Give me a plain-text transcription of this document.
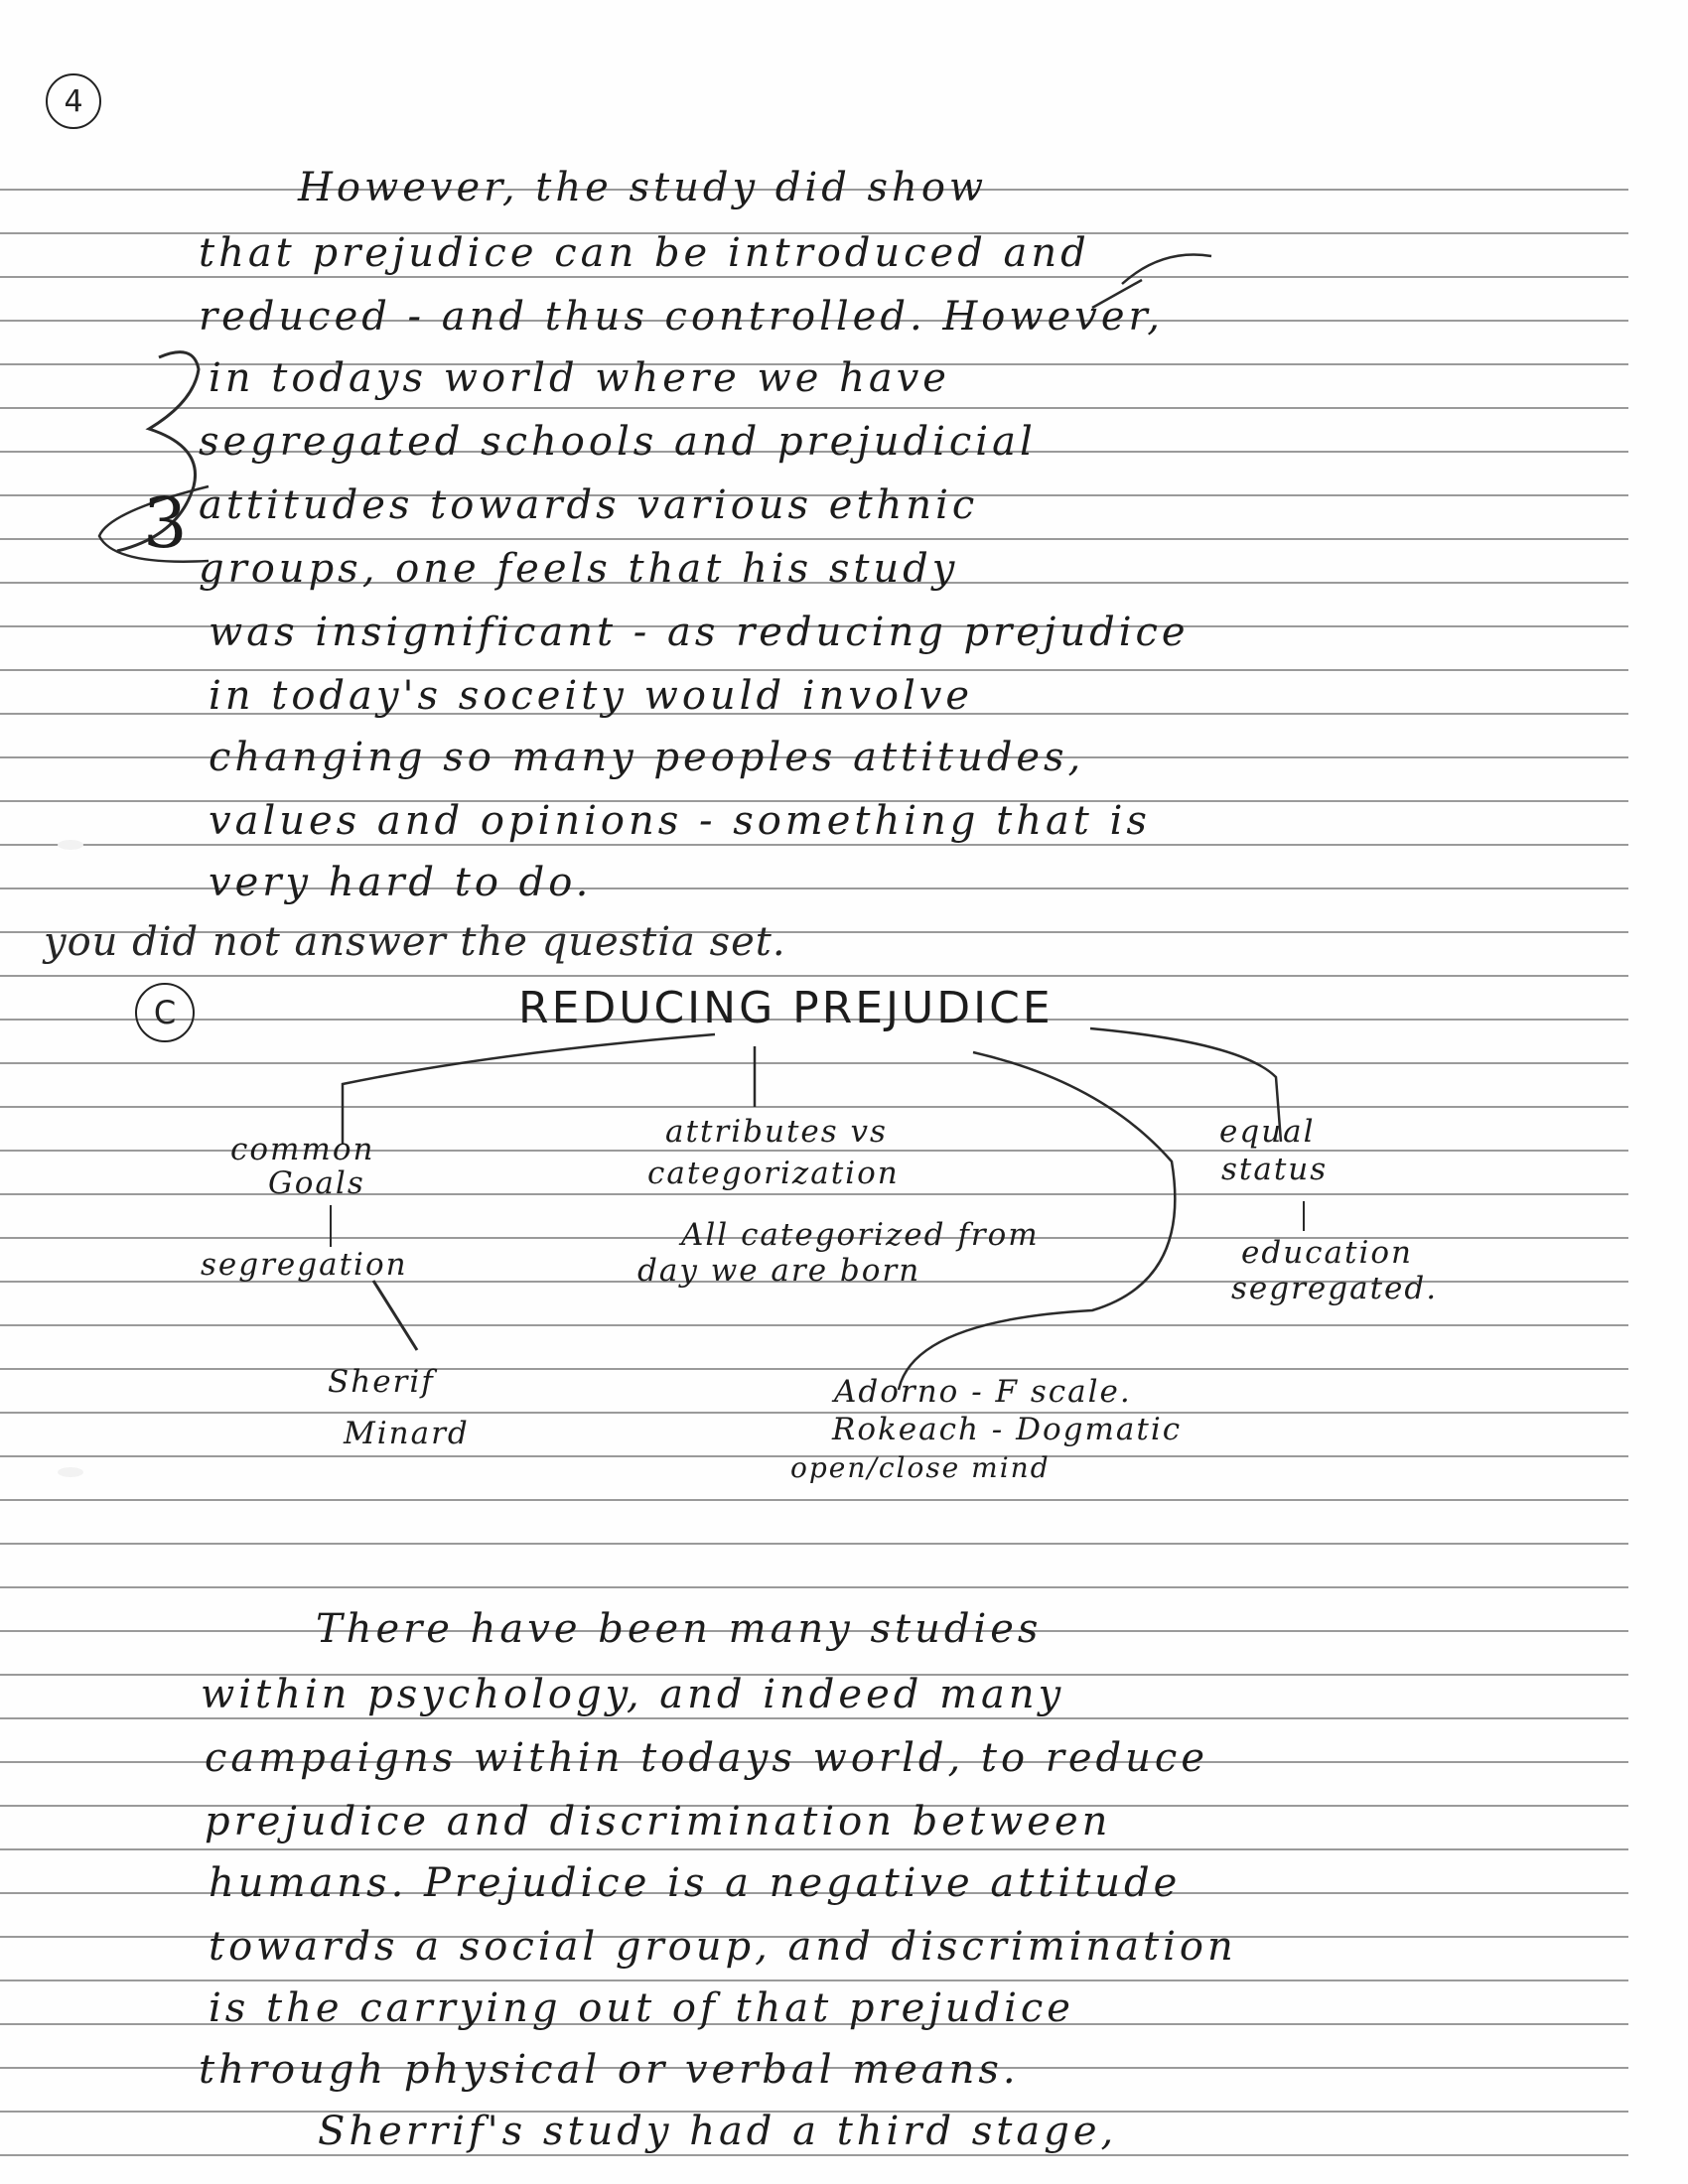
4
However, the study did show
that prejudice can be introduced and
reduced - and thus controlled. However,
in todays world where we have
segregated schools and prejudicial
attitudes towards various ethnic
groups, one feels that his study
was insignificant - as reducing prejudice
in today's soceity would involve
changing so many peoples attitudes,
values and opinions - something that is
very hard to do.
3
you did not answer the questia set.
C	REDUCING PREJUDICE
common
Goals
segregation
Sherif
Minard
attributes vs
categorization
All categorized from
day we are born
equal
status
education
segregated.
Adorno - F scale.
Rokeach - Dogmatic
open/close mind
There have been many studies
within psychology, and indeed many
campaigns within todays world, to reduce
prejudice and discrimination between
humans. Prejudice is a negative attitude
towards a social group, and discrimination
is the carrying out of that prejudice
through physical or verbal means.
Sherrif's study had a third stage,
